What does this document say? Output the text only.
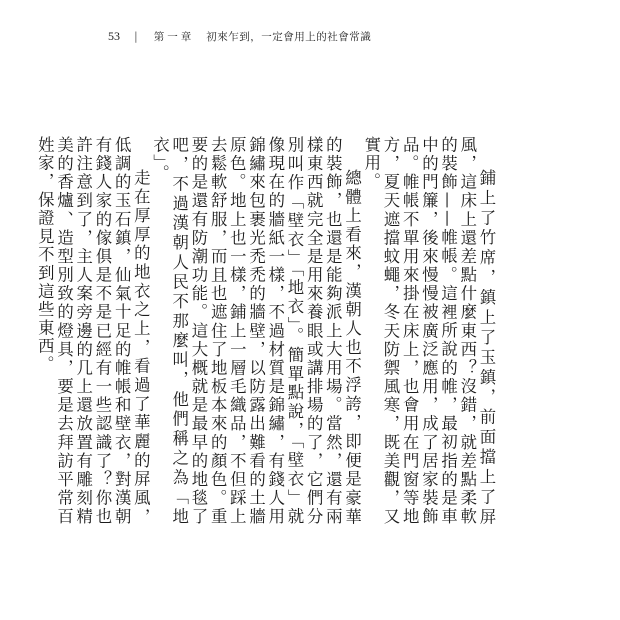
53 | 第一章 初來乍到，一定會用上的社會常識

鋪上了竹席，鎮上了玉鎮，前面擋上了屏風，這床上還差點什麼東西？沒錯，就差點柔軟的裝飾——帷帳。這裡所說的帷，最初指的是車中的門簾，後來慢慢被廣泛應用，成了居家裝飾品。帷帳不單用來掛在床上，也會用在門窗等地方，夏天遮擋蚊蠅，冬天防禦風寒，既美觀，又實用。

總體上看來，漢朝人也不浮誇，即便是豪華的裝飾，也還是能夠派上大用場。當然，還有兩樣東西就完全是用來養眼或講排場的了，它們分別叫作「壁衣」「地衣」。簡單點說，「壁衣」就像現在的牆紙一樣，不過材質是錦繡，有錢人用錦繡來包裹光禿禿的牆壁，以防露出難看的土牆原色。地上也一樣，鋪上一層毛織品，不但踩上去鬆軟舒服，而且也遮住了地板本來的顏色。重要的是還有防潮功能。這大概就是最早的地毯了吧，不過漢朝人民不那麼叫，他們稱之為「地衣」。

走在厚厚的地衣之上，看過了華麗的屏風，低調的玉石鎮，仙氣十足的帷帳和壁衣，對漢朝有錢人家的傢俱是不是已經有一些認識了？你也許注意到了，主人案旁邊的几上還放置有雕刻精美的香爐、造型別致的燈具，要是去拜訪平常百姓家，保證見不到這些東西。
